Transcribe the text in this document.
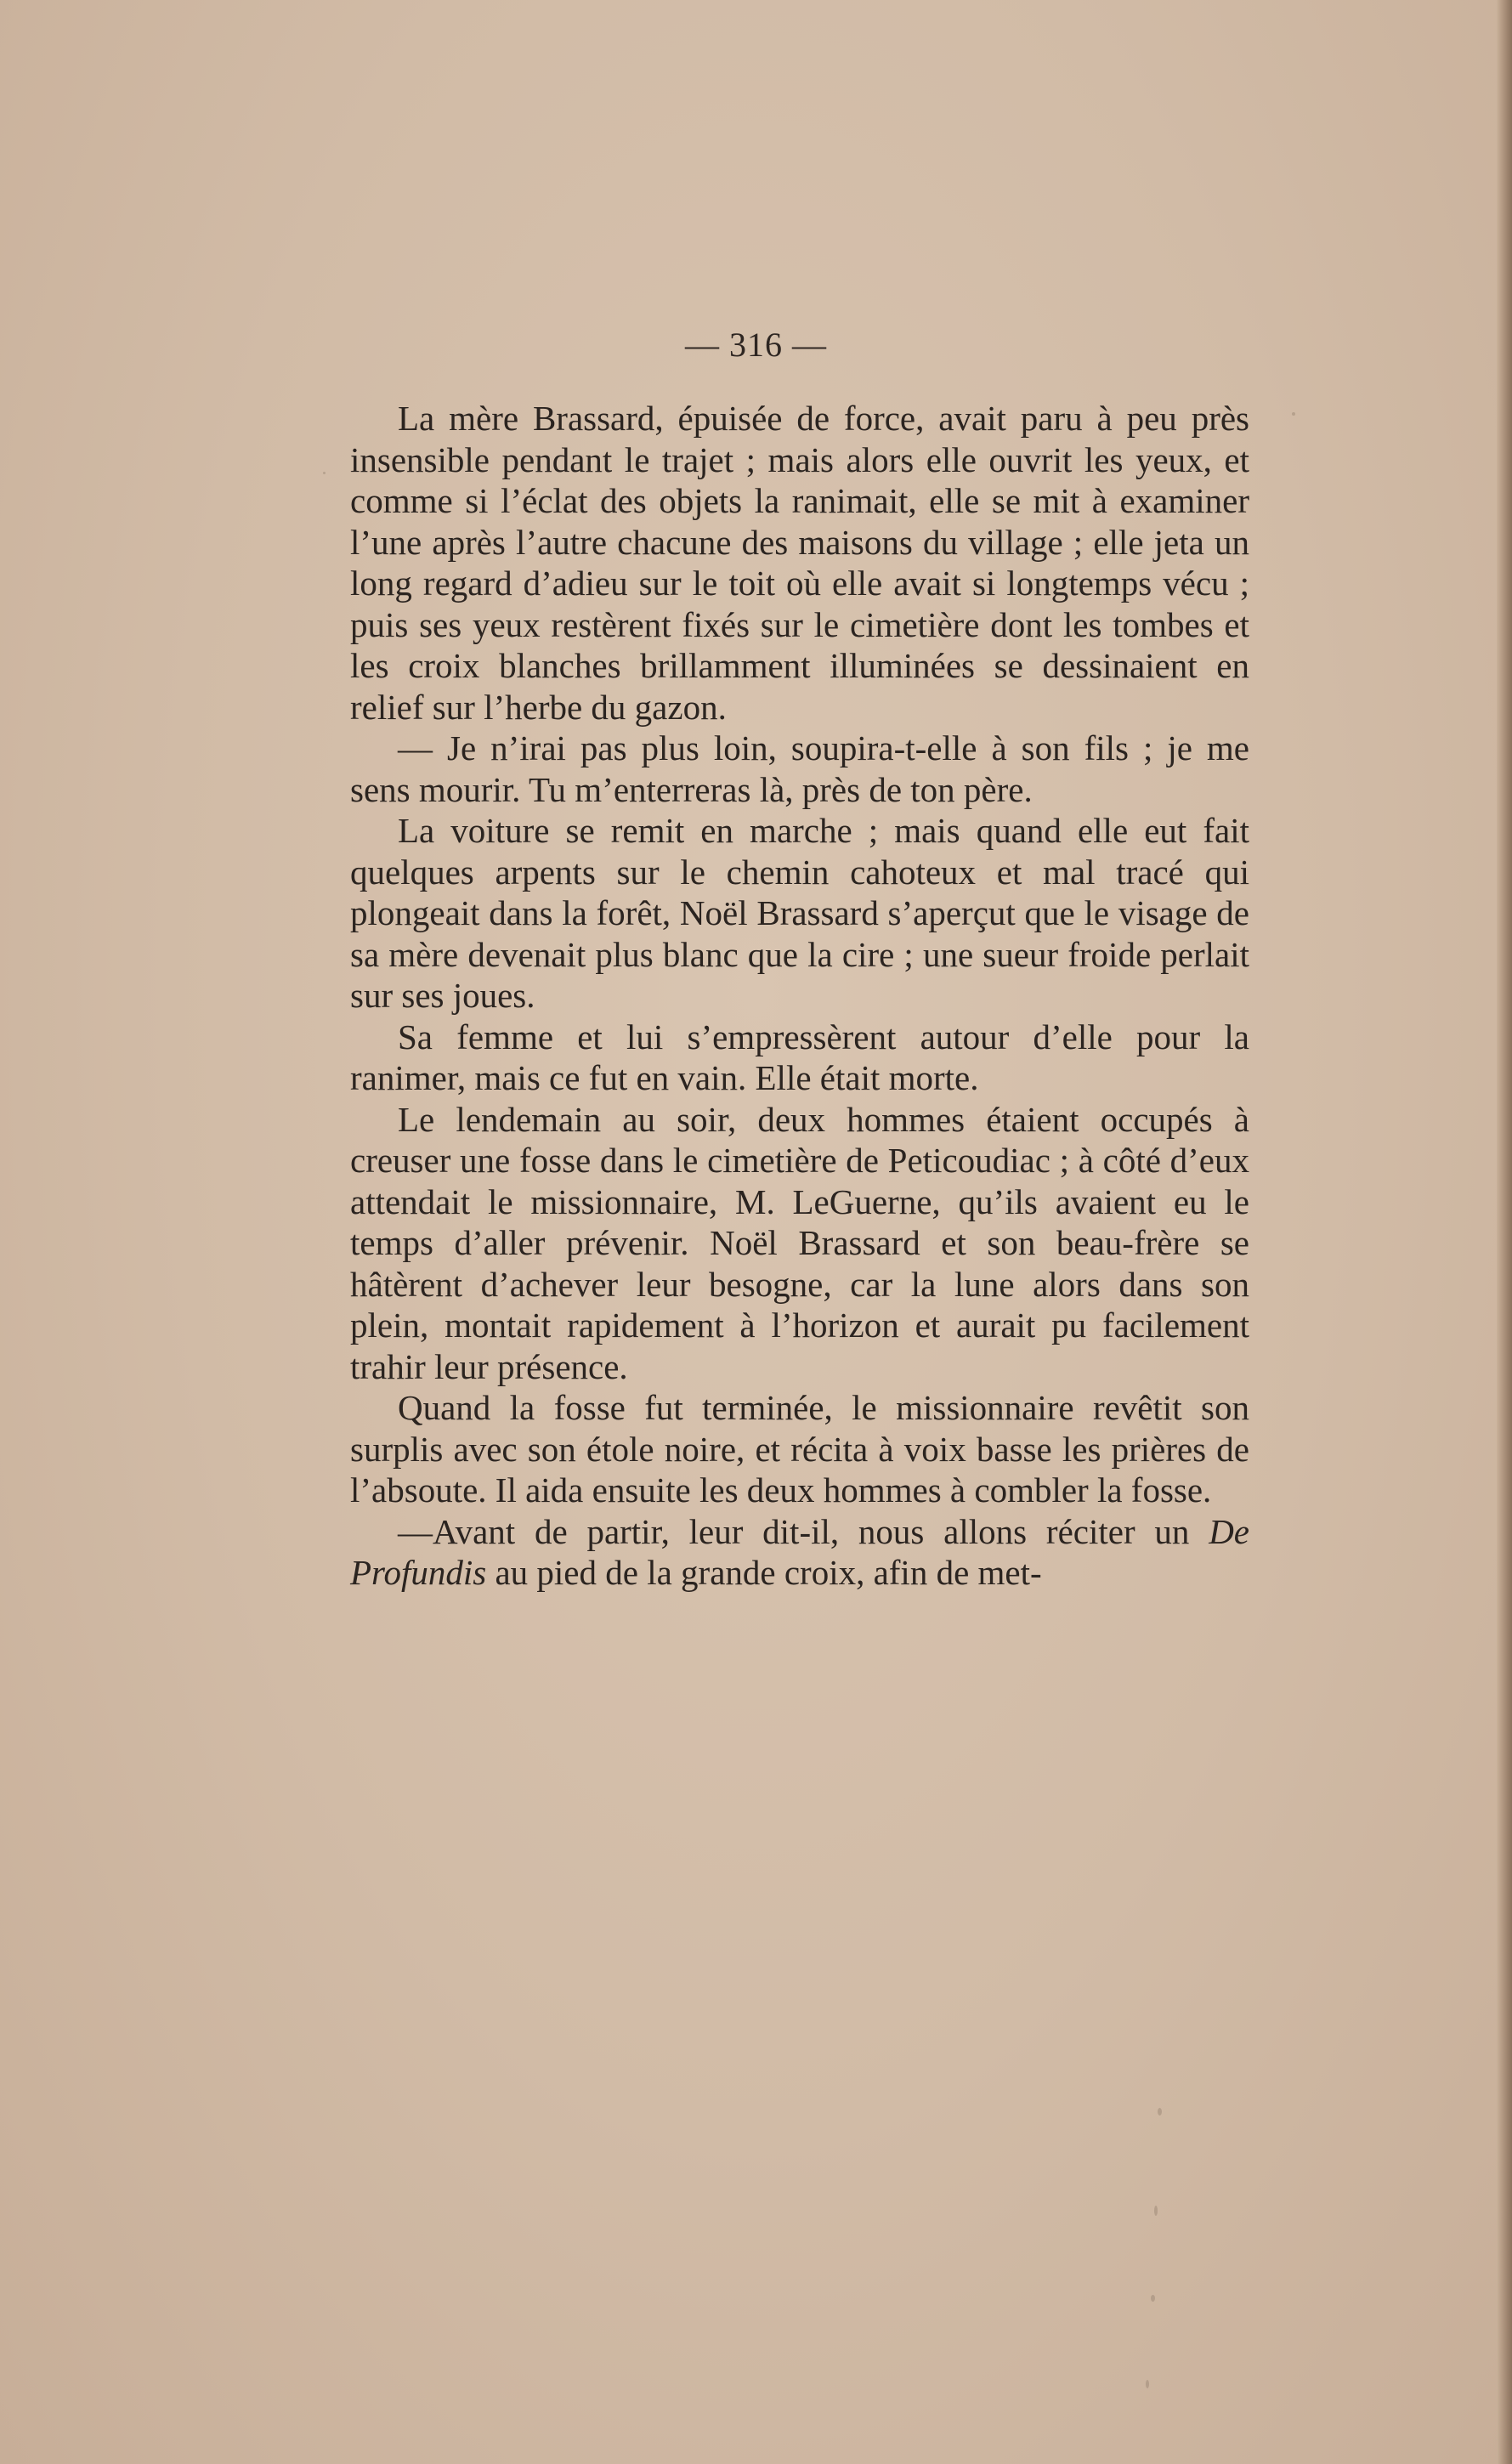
— 316 —

La mère Brassard, épuisée de force, avait paru à peu près insensible pendant le trajet ; mais alors elle ouvrit les yeux, et comme si l’éclat des objets la ranimait, elle se mit à examiner l’une après l’autre chacune des maisons du village ; elle jeta un long regard d’adieu sur le toit où elle avait si longtemps vécu ; puis ses yeux restèrent fixés sur le cimetière dont les tombes et les croix blanches brillamment illuminées se dessinaient en relief sur l’herbe du gazon.

— Je n’irai pas plus loin, soupira-t-elle à son fils ; je me sens mourir. Tu m’enterreras là, près de ton père.

La voiture se remit en marche ; mais quand elle eut fait quelques arpents sur le chemin cahoteux et mal tracé qui plongeait dans la forêt, Noël Brassard s’aperçut que le visage de sa mère devenait plus blanc que la cire ; une sueur froide perlait sur ses joues.

Sa femme et lui s’empressèrent autour d’elle pour la ranimer, mais ce fut en vain. Elle était morte.

Le lendemain au soir, deux hommes étaient occupés à creuser une fosse dans le cimetière de Peticoudiac ; à côté d’eux attendait le missionnaire, M. LeGuerne, qu’ils avaient eu le temps d’aller prévenir. Noël Brassard et son beau-frère se hâtèrent d’achever leur besogne, car la lune alors dans son plein, montait rapidement à l’horizon et aurait pu facilement trahir leur présence.

Quand la fosse fut terminée, le missionnaire revêtit son surplis avec son étole noire, et récita à voix basse les prières de l’absoute. Il aida ensuite les deux hommes à combler la fosse.

—Avant de partir, leur dit-il, nous allons réciter un De Profundis au pied de la grande croix, afin de met-
